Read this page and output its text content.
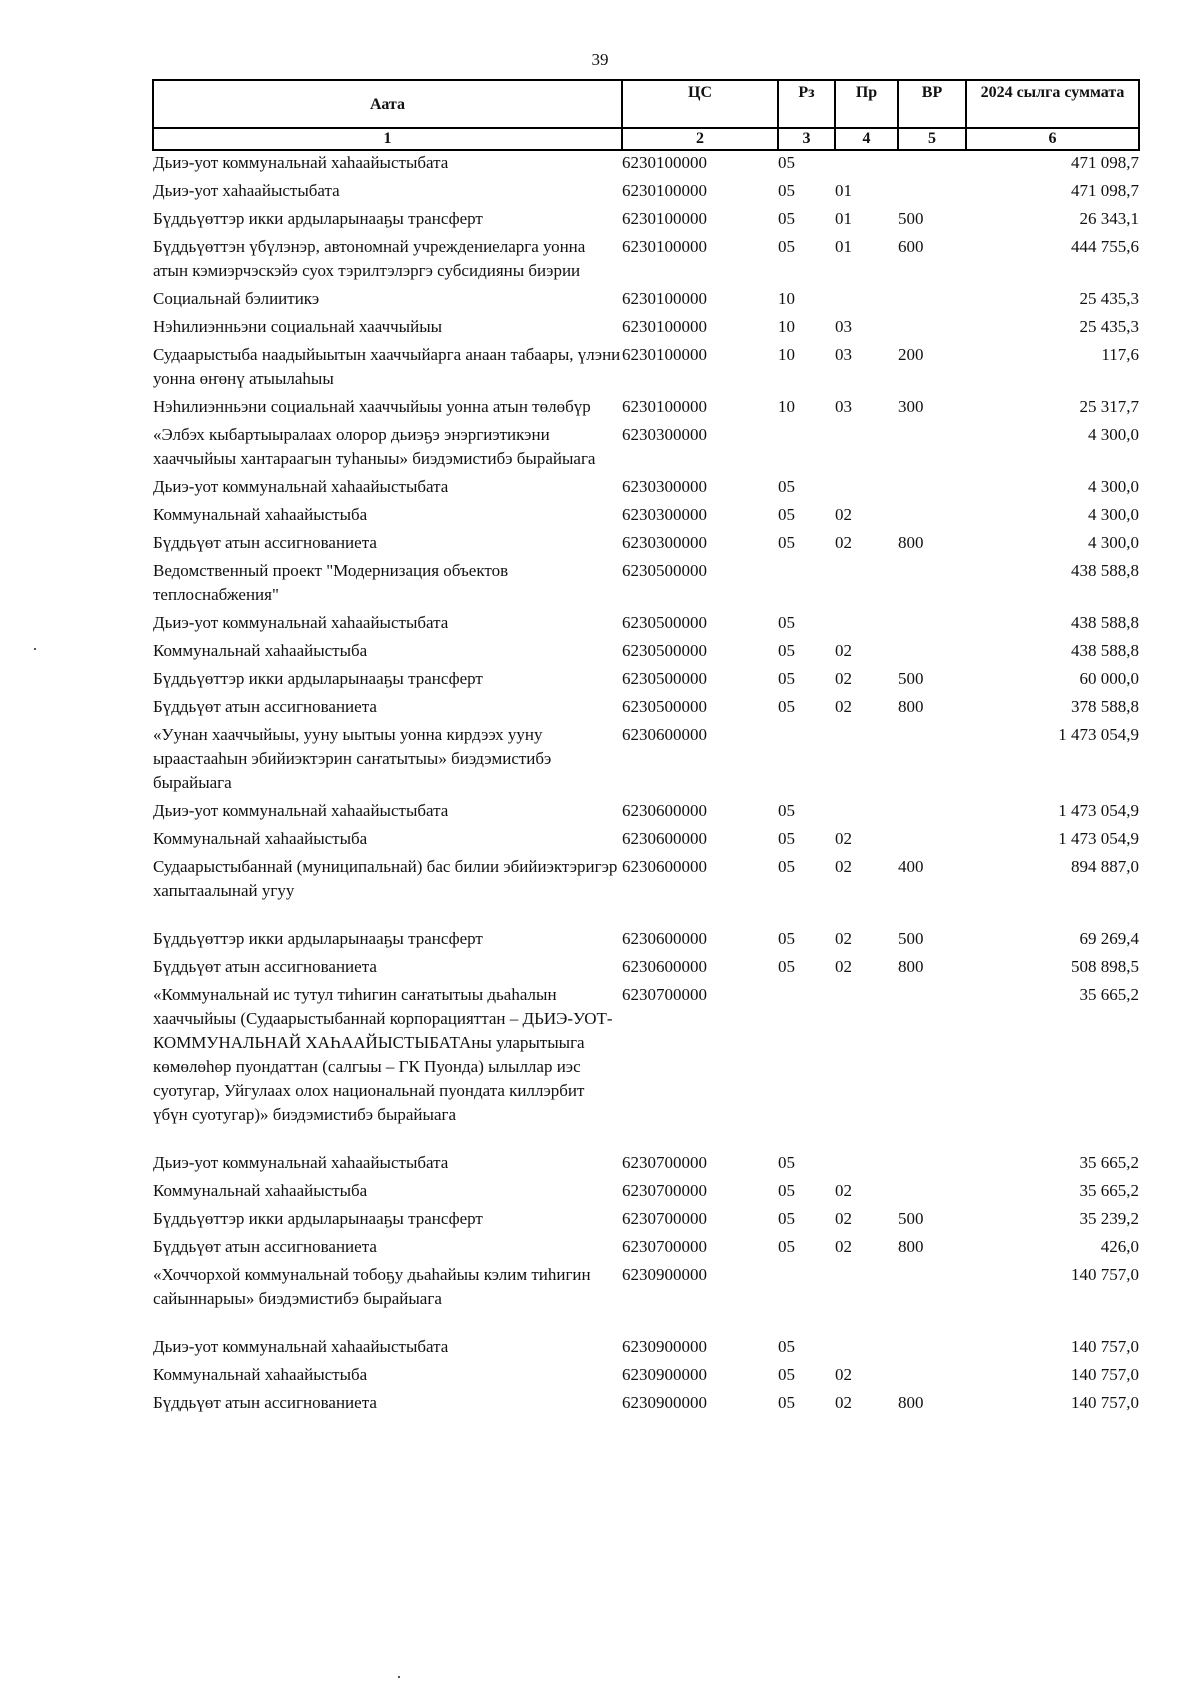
39
Аата	ЦС	Рз	Пр	ВР	2024 сылга суммата
1	2	3	4	5	6
Дьиэ-уот коммунальнай хаһаайыстыбата	6230100000	05			471 098,7
Дьиэ-уот хаһаайыстыбата	6230100000	05	01		471 098,7
Бүддьүөттэр икки ардыларынааҕы трансферт	6230100000	05	01	500	26 343,1
Бүддьүөттэн үбүлэнэр, автономнай учреждениеларга уонна атын кэмиэрчэскэйэ суох тэрилтэлэргэ субсидияны биэрии	6230100000	05	01	600	444 755,6
Социальнай бэлиитикэ	6230100000	10			25 435,3
Нэһилиэнньэни социальнай хааччыйыы	6230100000	10	03		25 435,3
Судаарыстыба наадыйыытын хааччыйарга анаан табаары, үлэни уонна өҥөнү атыылаһыы	6230100000	10	03	200	117,6
Нэһилиэнньэни социальнай хааччыйыы уонна атын төлөбүр	6230100000	10	03	300	25 317,7
«Элбэх кыбартыыралаах олорор дьиэҕэ энэргиэтикэни хааччыйыы хантараагын туһаныы» биэдэмистибэ бырайыага	6230300000				4 300,0
Дьиэ-уот коммунальнай хаһаайыстыбата	6230300000	05			4 300,0
Коммунальнай хаһаайыстыба	6230300000	05	02		4 300,0
Бүддьүөт атын ассигнованиета	6230300000	05	02	800	4 300,0
Ведомственный проект "Модернизация объектов теплоснабжения"	6230500000				438 588,8
Дьиэ-уот коммунальнай хаһаайыстыбата	6230500000	05			438 588,8
Коммунальнай хаһаайыстыба	6230500000	05	02		438 588,8
Бүддьүөттэр икки ардыларынааҕы трансферт	6230500000	05	02	500	60 000,0
Бүддьүөт атын ассигнованиета	6230500000	05	02	800	378 588,8
«Уунан хааччыйыы, ууну ыытыы уонна кирдээх ууну ыраастааһын эбийиэктэрин саҥатытыы» биэдэмистибэ бырайыага	6230600000				1 473 054,9
Дьиэ-уот коммунальнай хаһаайыстыбата	6230600000	05			1 473 054,9
Коммунальнай хаһаайыстыба	6230600000	05	02		1 473 054,9
Судаарыстыбаннай (муниципальнай) бас билии эбийиэктэригэр хапытаалынай угуу	6230600000	05	02	400	894 887,0
Бүддьүөттэр икки ардыларынааҕы трансферт	6230600000	05	02	500	69 269,4
Бүддьүөт атын ассигнованиета	6230600000	05	02	800	508 898,5
«Коммунальнай ис тутул тиһигин саҥатытыы дьаһалын хааччыйыы (Судаарыстыбаннай корпорацияттан – ДЬИЭ-УОТ-КОММУНАЛЬНАЙ ХАҺААЙЫСТЫБАТАны уларытыыга көмөлөһөр пуондаттан (салгыы – ГК Пуонда) ылыллар иэс суотугар, Уйгулаах олох национальнай пуондата киллэрбит үбүн суотугар)» биэдэмистибэ бырайыага	6230700000				35 665,2
Дьиэ-уот коммунальнай хаһаайыстыбата	6230700000	05			35 665,2
Коммунальнай хаһаайыстыба	6230700000	05	02		35 665,2
Бүддьүөттэр икки ардыларынааҕы трансферт	6230700000	05	02	500	35 239,2
Бүддьүөт атын ассигнованиета	6230700000	05	02	800	426,0
«Хоччорхой коммунальнай тобоҕу дьаһайыы кэлим тиһигин сайыннарыы» биэдэмистибэ бырайыага	6230900000				140 757,0
Дьиэ-уот коммунальнай хаһаайыстыбата	6230900000	05			140 757,0
Коммунальнай хаһаайыстыба	6230900000	05	02		140 757,0
Бүддьүөт атын ассигнованиета	6230900000	05	02	800	140 757,0
